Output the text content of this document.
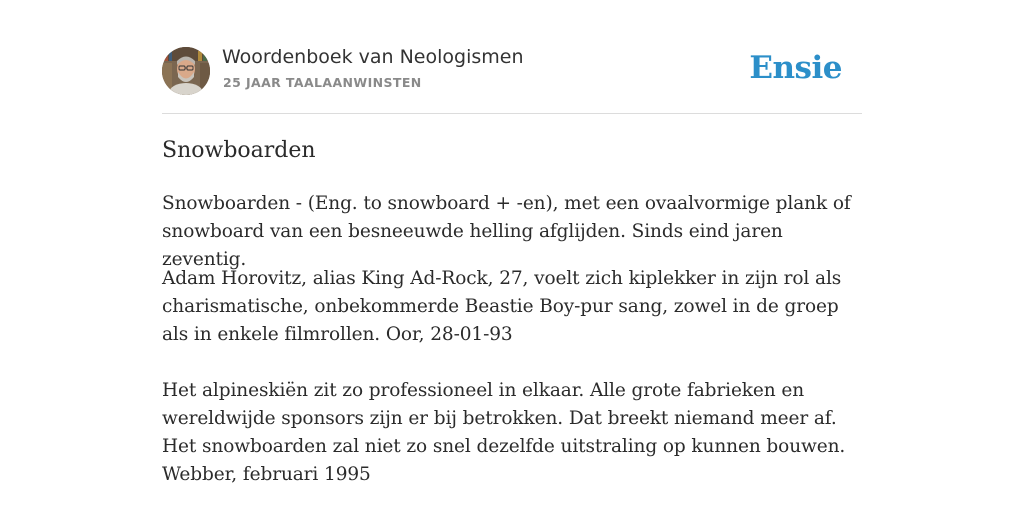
Woordenboek van Neologismen
25 JAAR TAALAANWINSTEN	Ensie
Snowboarden

Snowboarden - (Eng. to snowboard + -en), met een ovaalvormige plank of snowboard van een besneeuwde helling afglijden. Sinds eind jaren zeventig.

Adam Horovitz, alias King Ad-Rock, 27, voelt zich kiplekker in zijn rol als charismatische, onbekommerde Beastie Boy-pur sang, zowel in de groep als in enkele filmrollen. Oor, 28-01-93

Het alpineskiën zit zo professioneel in elkaar. Alle grote fabrieken en wereldwijde sponsors zijn er bij betrokken. Dat breekt niemand meer af. Het snowboarden zal niet zo snel dezelfde uitstraling op kunnen bouwen. Webber, februari 1995
